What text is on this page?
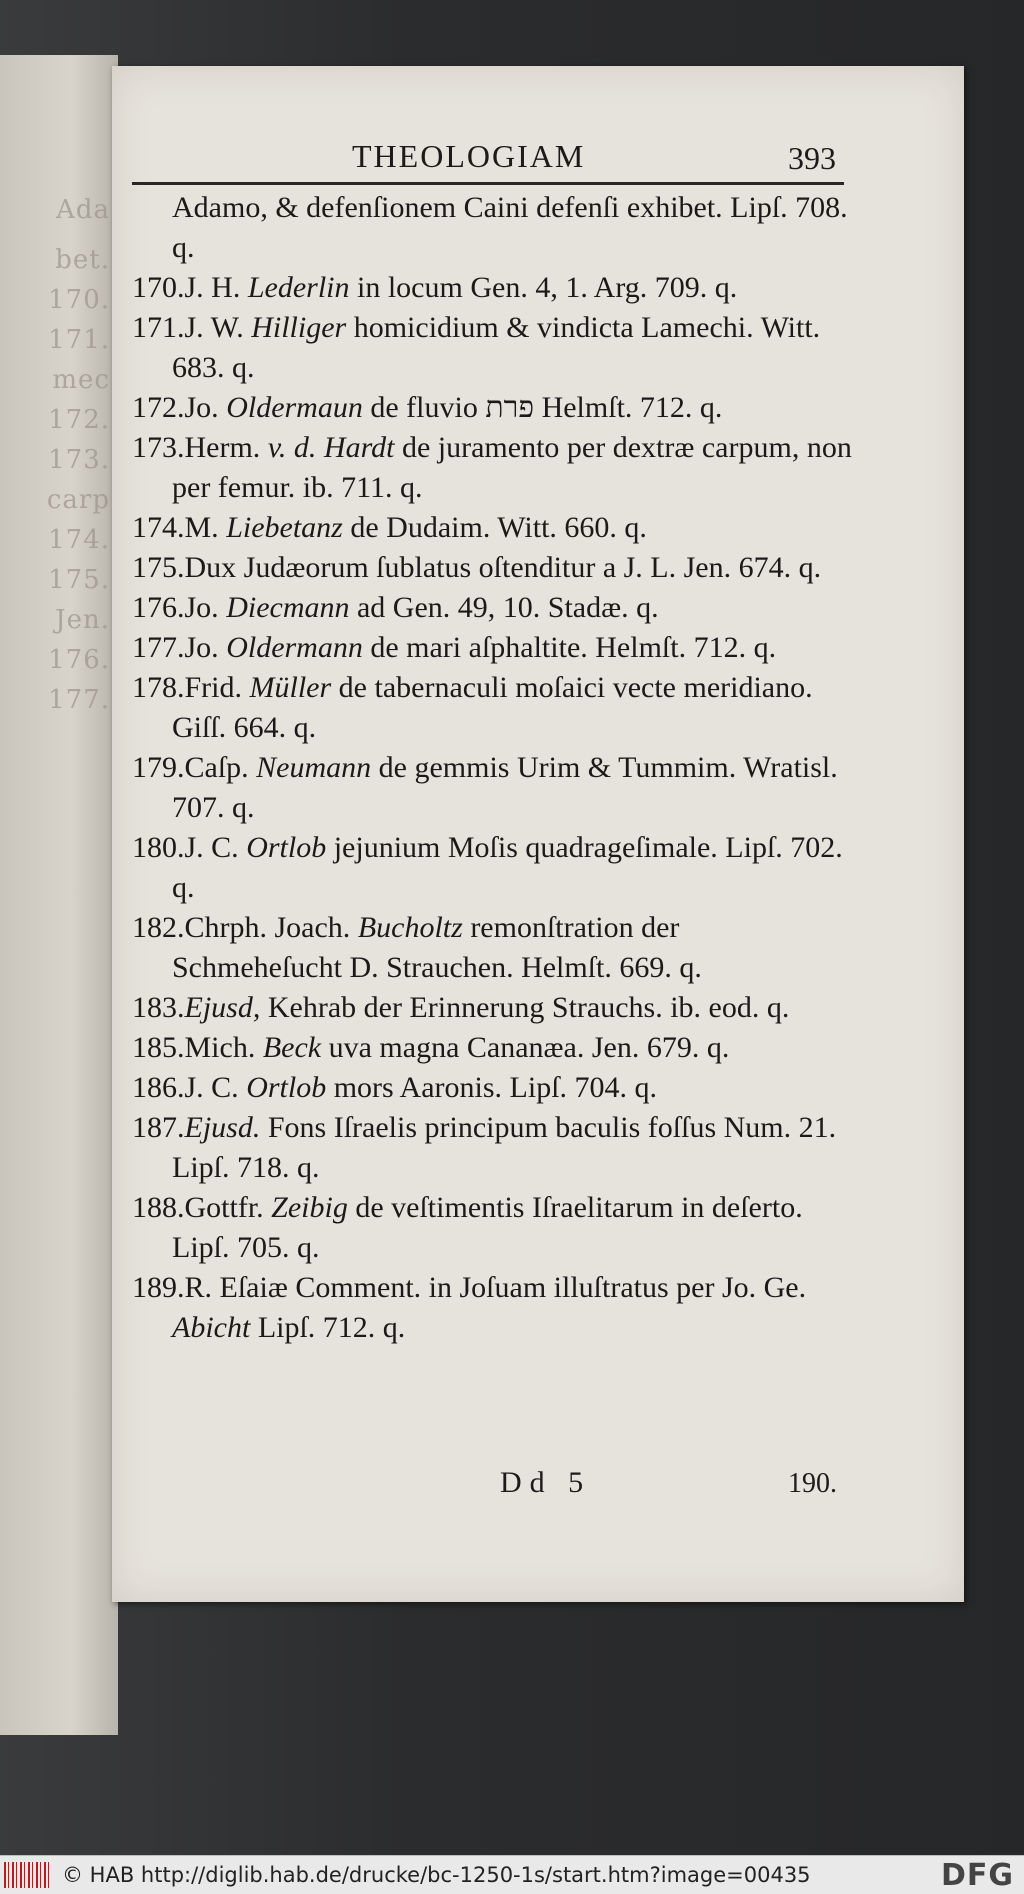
Ada
bet.
170.
171.
mec
172.
173.
carp
174.
175.
Jen.
176.
177.
THEOLOGIAM	393

Adamo, & defenſionem Caini defenſi exhibet. Lipſ. 708. q.

170.J. H. Lederlin in locum Gen. 4, 1. Arg. 709. q.

171.J. W. Hilliger homicidium & vindicta Lamechi. Witt. 683. q.

172.Jo. Oldermaun de fluvio פרת Helmſt. 712. q.

173.Herm. v. d. Hardt de juramento per dextræ carpum, non per femur. ib. 711. q.

174.M. Liebetanz de Dudaim. Witt. 660. q.

175.Dux Judæorum ſublatus oſtenditur a J. L. Jen. 674. q.

176.Jo. Diecmann ad Gen. 49, 10. Stadæ. q.

177.Jo. Oldermann de mari aſphaltite. Helmſt. 712. q.

178.Frid. Müller de tabernaculi moſaici vecte meridiano. Giſſ. 664. q.

179.Caſp. Neumann de gemmis Urim & Tummim. Wratisl. 707. q.

180.J. C. Ortlob jejunium Moſis quadrageſimale. Lipſ. 702. q.

182.Chrph. Joach. Bucholtz remonſtration der Schmeheſucht D. Strauchen. Helmſt. 669. q.

183.Ejusd, Kehrab der Erinnerung Strauchs. ib. eod. q.

185.Mich. Beck uva magna Cananæa. Jen. 679. q.

186.J. C. Ortlob mors Aaronis. Lipſ. 704. q.

187.Ejusd. Fons Iſraelis principum baculis foſſus Num. 21. Lipſ. 718. q.

188.Gottfr. Zeibig de veſtimentis Iſraelitarum in deſerto. Lipſ. 705. q.

189.R. Eſaiæ Comment. in Joſuam illuſtratus per Jo. Ge. Abicht Lipſ. 712. q.

Dd 5	190.
© HAB http://diglib.hab.de/drucke/bc-1250-1s/start.htm?image=00435	DFG
